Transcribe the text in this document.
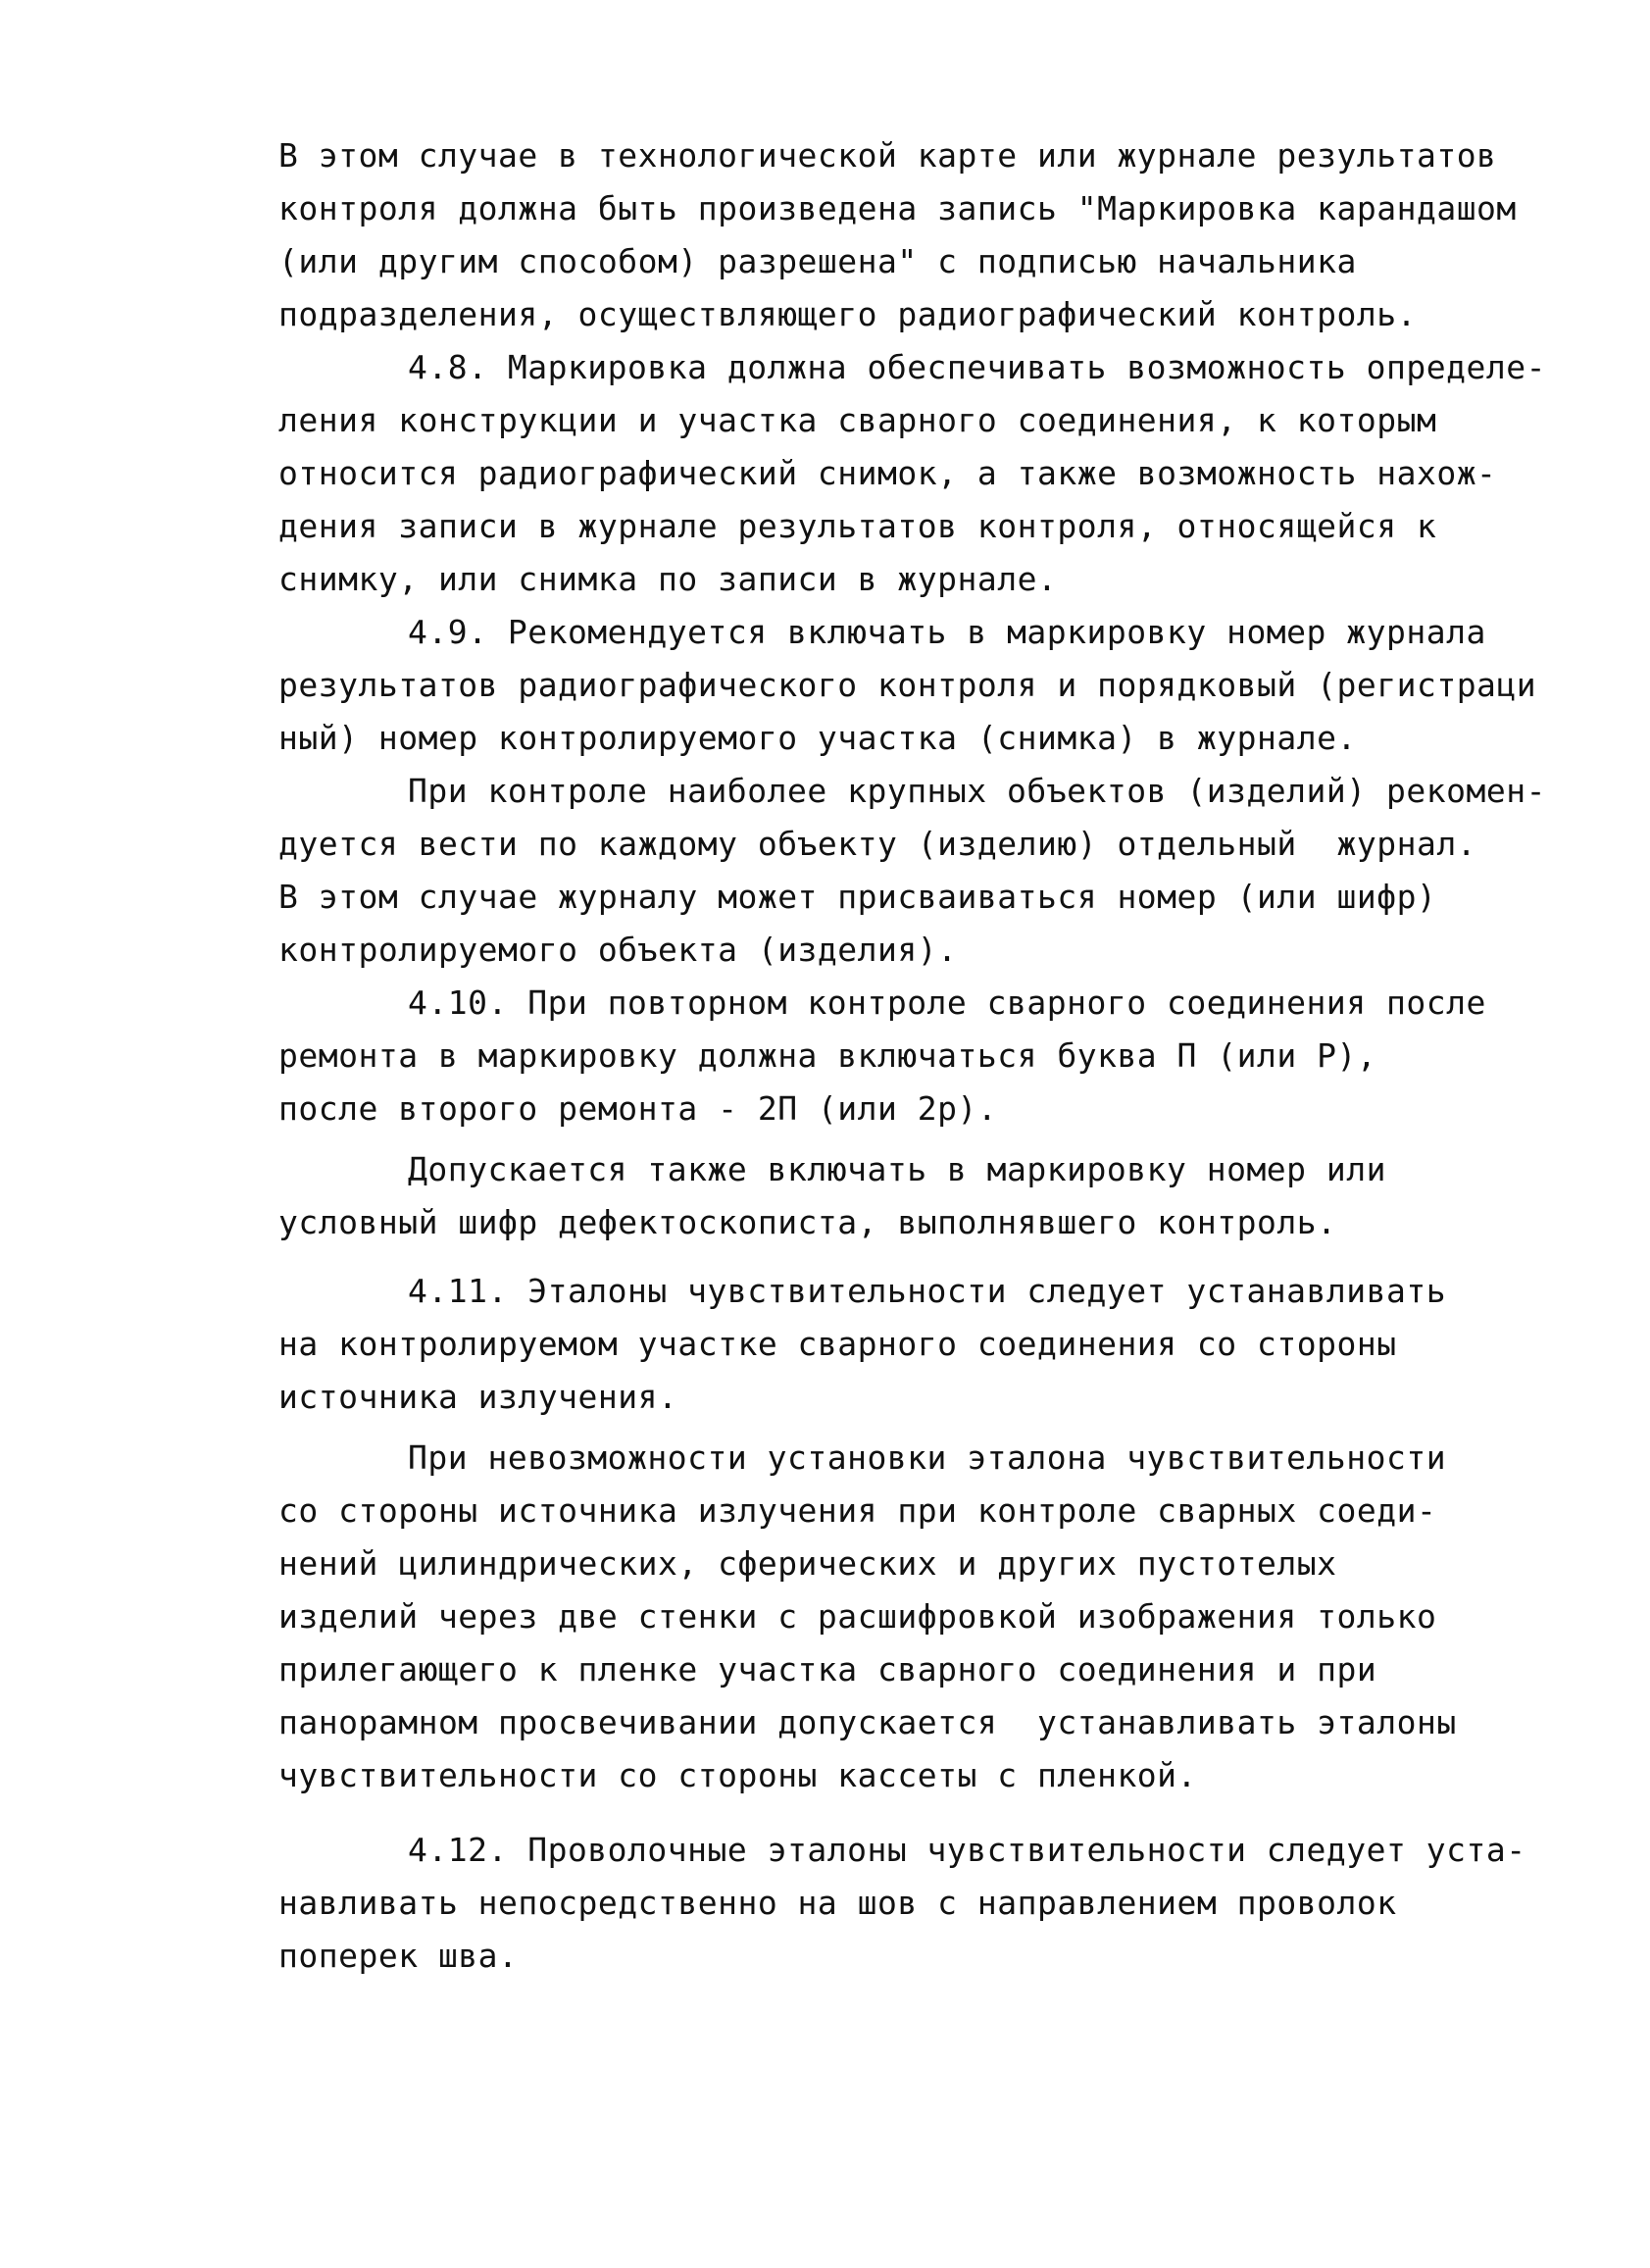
В этом случае в технологической карте или журнале результатов
контроля должна быть произведена запись "Маркировка карандашом
(или другим способом) разрешена" с подписью начальника
подразделения, осуществляющего радиографический контроль.
4.8. Маркировка должна обеспечивать возможность определе-
ления конструкции и участка сварного соединения, к которым
относится радиографический снимок, а также возможность нахож-
дения записи в журнале результатов контроля, относящейся к
снимку, или снимка по записи в журнале.
4.9. Рекомендуется включать в маркировку номер журнала
результатов радиографического контроля и порядковый (регистраци
ный) номер контролируемого участка (снимка) в журнале.
При контроле наиболее крупных объектов (изделий) рекомен-
дуется вести по каждому объекту (изделию) отдельный  журнал.
В этом случае журналу может присваиваться номер (или шифр)
контролируемого объекта (изделия).
4.10. При повторном контроле сварного соединения после
ремонта в маркировку должна включаться буква П (или Р),
после второго ремонта - 2П (или 2р).
Допускается также включать в маркировку номер или
условный шифр дефектоскописта, выполнявшего контроль.
4.11. Эталоны чувствительности следует устанавливать
на контролируемом участке сварного соединения со стороны
источника излучения.
При невозможности установки эталона чувствительности
со стороны источника излучения при контроле сварных соеди-
нений цилиндрических, сферических и других пустотелых
изделий через две стенки с расшифровкой изображения только
прилегающего к пленке участка сварного соединения и при
панорамном просвечивании допускается  устанавливать эталоны
чувствительности со стороны кассеты с пленкой.
4.12. Проволочные эталоны чувствительности следует уста-
навливать непосредственно на шов с направлением проволок
поперек шва.
